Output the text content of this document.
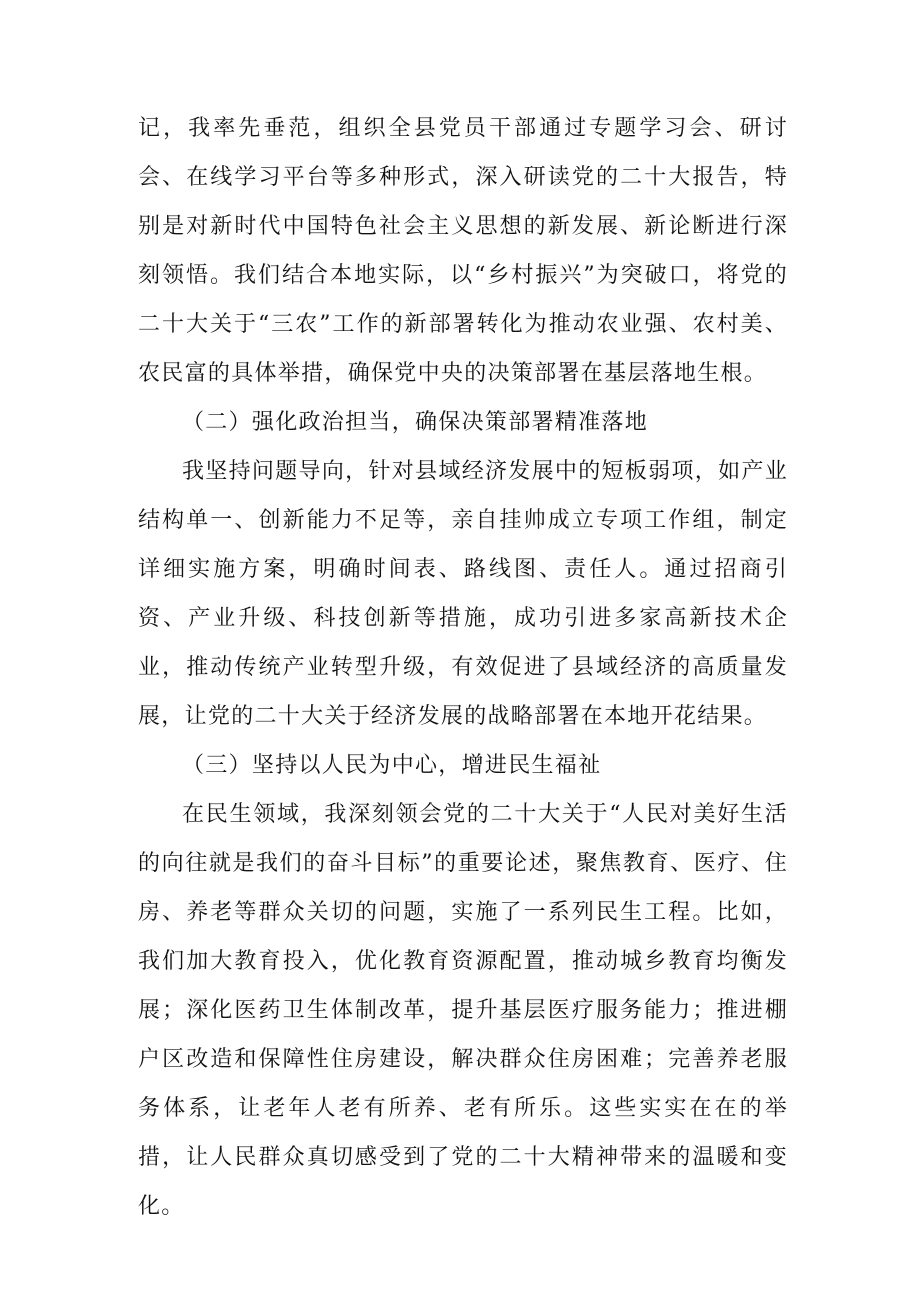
记，我率先垂范，组织全县党员干部通过专题学习会、研讨会、在线学习平台等多种形式，深入研读党的二十大报告，特别是对新时代中国特色社会主义思想的新发展、新论断进行深刻领悟。我们结合本地实际，以“乡村振兴”为突破口，将党的二十大关于“三农”工作的新部署转化为推动农业强、农村美、农民富的具体举措，确保党中央的决策部署在基层落地生根。

（二）强化政治担当，确保决策部署精准落地

我坚持问题导向，针对县域经济发展中的短板弱项，如产业结构单一、创新能力不足等，亲自挂帅成立专项工作组，制定详细实施方案，明确时间表、路线图、责任人。通过招商引资、产业升级、科技创新等措施，成功引进多家高新技术企业，推动传统产业转型升级，有效促进了县域经济的高质量发展，让党的二十大关于经济发展的战略部署在本地开花结果。

（三）坚持以人民为中心，增进民生福祉

在民生领域，我深刻领会党的二十大关于“人民对美好生活的向往就是我们的奋斗目标”的重要论述，聚焦教育、医疗、住房、养老等群众关切的问题，实施了一系列民生工程。比如，我们加大教育投入，优化教育资源配置，推动城乡教育均衡发展；深化医药卫生体制改革，提升基层医疗服务能力；推进棚户区改造和保障性住房建设，解决群众住房困难；完善养老服务体系，让老年人老有所养、老有所乐。这些实实在在的举措，让人民群众真切感受到了党的二十大精神带来的温暖和变化。
